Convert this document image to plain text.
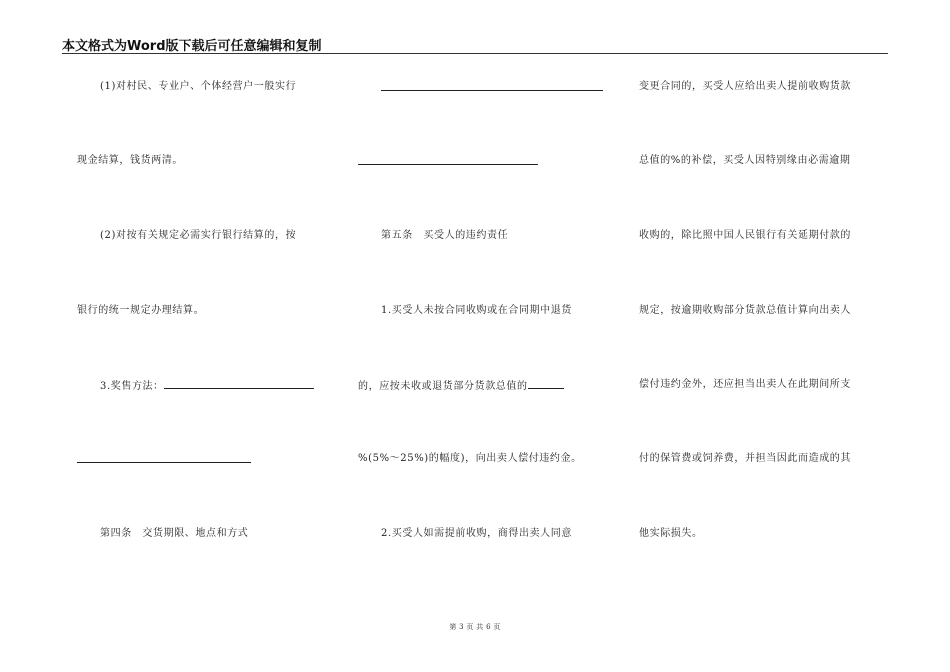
本文格式为Word版下载后可任意编辑和复制
(1)对村民、专业户、个体经营户一般实行
现金结算，钱货两清。
(2)对按有关规定必需实行银行结算的，按
银行的统一规定办理结算。
3.奖售方法：
第四条　交货期限、地点和方式
第五条　买受人的违约责任
1.买受人未按合同收购或在合同期中退货
的，应按未收或退货部分货款总值的
%(5%～25%)的幅度)，向出卖人偿付违约金。
2.买受人如需提前收购，商得出卖人同意
变更合同的，买受人应给出卖人提前收购货款
总值的%的补偿，买受人因特别缘由必需逾期
收购的，除比照中国人民银行有关延期付款的
规定，按逾期收购部分货款总值计算向出卖人
偿付违约金外，还应担当出卖人在此期间所支
付的保管费或饲养费，并担当因此而造成的其
他实际损失。
第 3 页 共 6 页
